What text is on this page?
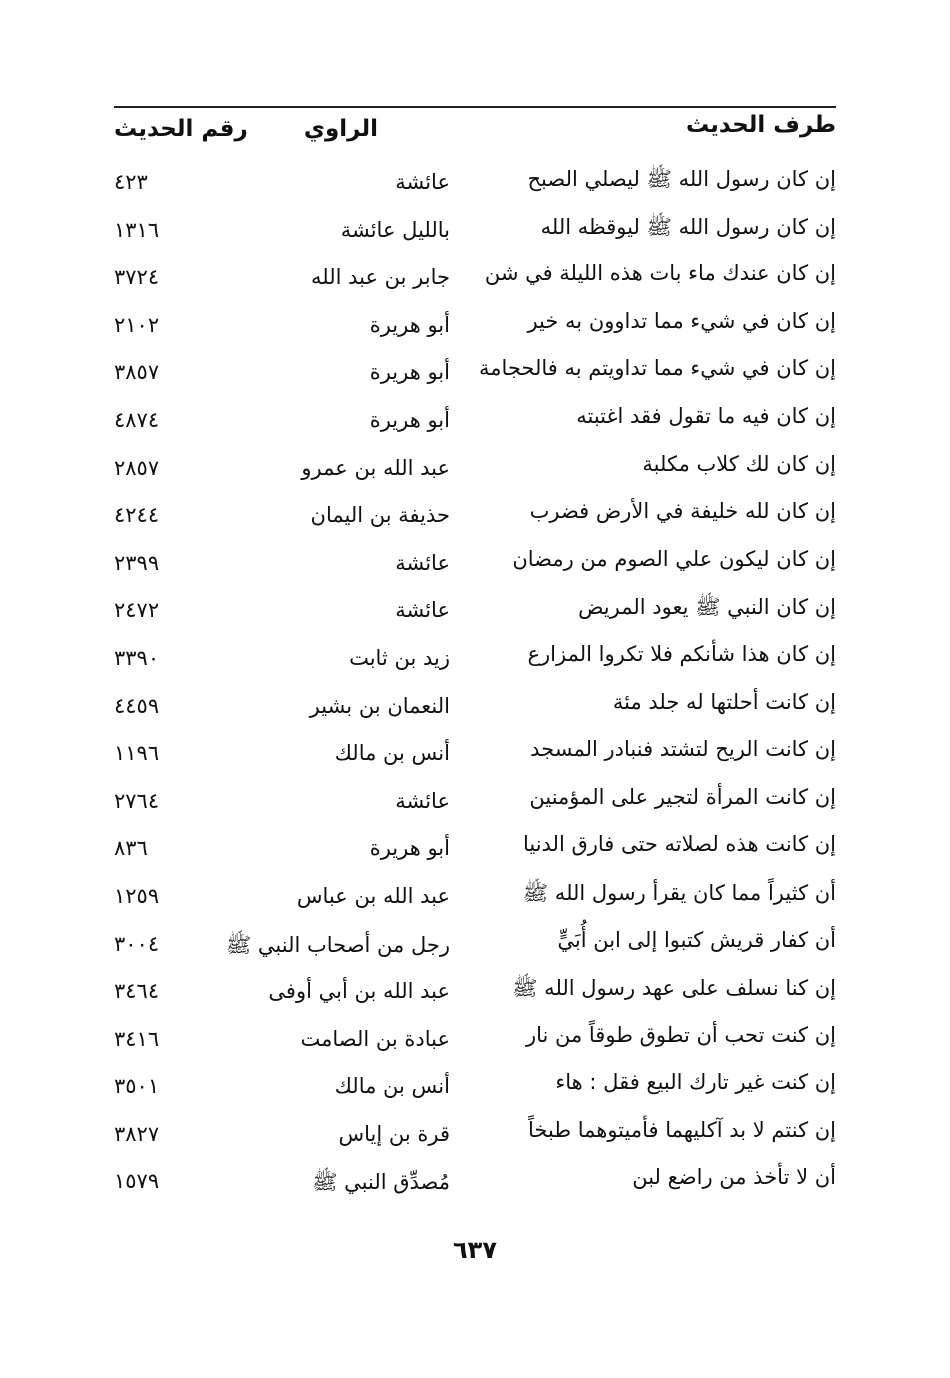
طرف الحديث
الراوي
رقم الحديث
إن كان رسول الله ﷺ ليصلي الصبح
عائشة
٤٢٣
إن كان رسول الله ﷺ ليوقظه الله
بالليل عائشة
١٣١٦
إن كان عندك ماء بات هذه الليلة في شن
جابر بن عبد الله
٣٧٢٤
إن كان في شيء مما تداوون به خير
أبو هريرة
٢١٠٢
إن كان في شيء مما تداويتم به فالحجامة
أبو هريرة
٣٨٥٧
إن كان فيه ما تقول فقد اغتبته
أبو هريرة
٤٨٧٤
إن كان لك كلاب مكلبة
عبد الله بن عمرو
٢٨٥٧
إن كان لله خليفة في الأرض فضرب
حذيفة بن اليمان
٤٢٤٤
إن كان ليكون علي الصوم من رمضان
عائشة
٢٣٩٩
إن كان النبي ﷺ يعود المريض
عائشة
٢٤٧٢
إن كان هذا شأنكم فلا تكروا المزارع
زيد بن ثابت
٣٣٩٠
إن كانت أحلتها له جلد مئة
النعمان بن بشير
٤٤٥٩
إن كانت الريح لتشتد فنبادر المسجد
أنس بن مالك
١١٩٦
إن كانت المرأة لتجير على المؤمنين
عائشة
٢٧٦٤
إن كانت هذه لصلاته حتى فارق الدنيا
أبو هريرة
٨٣٦
أن كثيراً مما كان يقرأ رسول الله ﷺ
عبد الله بن عباس
١٢٥٩
أن كفار قريش كتبوا إلى ابن أُبَيٍّ
رجل من أصحاب النبي ﷺ
٣٠٠٤
إن كنا نسلف على عهد رسول الله ﷺ
عبد الله بن أبي أوفى
٣٤٦٤
إن كنت تحب أن تطوق طوقاً من نار
عبادة بن الصامت
٣٤١٦
إن كنت غير تارك البيع فقل : هاء
أنس بن مالك
٣٥٠١
إن كنتم لا بد آكليهما فأميتوهما طبخاً
قرة بن إياس
٣٨٢٧
أن لا تأخذ من راضع لبن
مُصدِّق النبي ﷺ
١٥٧٩
٦٣٧
